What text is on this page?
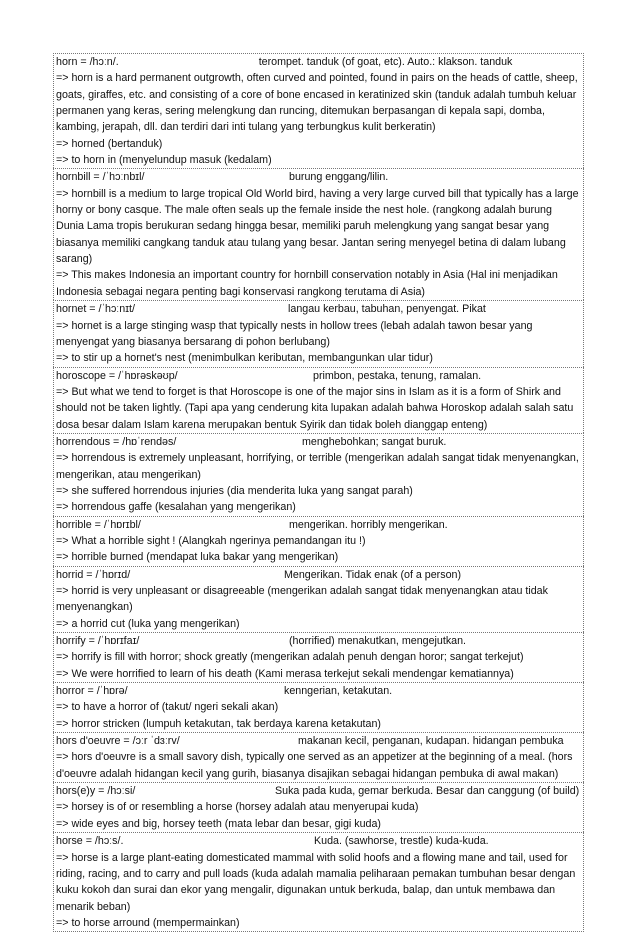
horn = /hɔːn/.	terompet. tanduk (of goat, etc). Auto.: klakson. tanduk
=> horn is a hard permanent outgrowth, often curved and pointed, found in pairs on the heads of cattle, sheep, goats, giraffes, etc. and consisting of a core of bone encased in keratinized skin (tanduk adalah tumbuh keluar permanen yang keras, sering melengkung dan runcing, ditemukan berpasangan di kepala sapi, domba, kambing, jerapah, dll. dan terdiri dari inti tulang yang terbungkus kulit berkeratin)
=> horned (bertanduk)
=> to horn in (menyelundup masuk (kedalam)
hornbill = /ˈhɔːnbɪl/	burung enggang/lilin.
=> hornbill is a medium to large tropical Old World bird, having a very large curved bill that typically has a large horny or bony casque. The male often seals up the female inside the nest hole. (rangkong adalah burung Dunia Lama tropis berukuran sedang hingga besar, memiliki paruh melengkung yang sangat besar yang biasanya memiliki cangkang tanduk atau tulang yang besar. Jantan sering menyegel betina di dalam lubang sarang)
=> This makes Indonesia an important country for hornbill conservation notably in Asia (Hal ini menjadikan Indonesia sebagai negara penting bagi konservasi rangkong terutama di Asia)
hornet = /ˈhɔːnɪt/	langau kerbau, tabuhan, penyengat. Pikat
=> hornet is a large stinging wasp that typically nests in hollow trees (lebah adalah tawon besar yang menyengat yang biasanya bersarang di pohon berlubang)
=> to stir up a hornet's nest (menimbulkan keributan, membangunkan ular tidur)
horoscope = /ˈhɒrəskəʊp/	primbon, pestaka, tenung, ramalan.
=> But what we tend to forget is that Horoscope is one of the major sins in Islam as it is a form of Shirk and should not be taken lightly. (Tapi apa yang cenderung kita lupakan adalah bahwa Horoskop adalah salah satu dosa besar dalam Islam karena merupakan bentuk Syirik dan tidak boleh dianggap enteng)
horrendous = /hɒˈrendəs/	menghebohkan; sangat buruk.
=> horrendous is extremely unpleasant, horrifying, or terrible (mengerikan adalah sangat tidak menyenangkan, mengerikan, atau mengerikan)
=> she suffered horrendous injuries (dia menderita luka yang sangat parah)
=> horrendous gaffe (kesalahan yang mengerikan)
horrible = /ˈhɒrɪbl/	mengerikan. horribly mengerikan.
=> What a horrible sight ! (Alangkah ngerinya pemandangan itu !)
=> horrible burned (mendapat luka bakar yang mengerikan)
horrid = /ˈhɒrɪd/	Mengerikan. Tidak enak (of a person)
=> horrid is very unpleasant or disagreeable (mengerikan adalah sangat tidak menyenangkan atau tidak menyenangkan)
=> a horrid cut (luka yang mengerikan)
horrify = /ˈhɒrɪfaɪ/	(horrified) menakutkan, mengejutkan.
=> horrify is fill with horror; shock greatly (mengerikan adalah penuh dengan horor; sangat terkejut)
=> We were horrified to learn of his death (Kami merasa terkejut sekali mendengar kematiannya)
horror = /ˈhɒrə/	kenngerian, ketakutan.
=> to have a horror of (takut/ ngeri sekali akan)
=> horror stricken (lumpuh ketakutan, tak berdaya karena ketakutan)
hors d'oeuvre = /ɔːr ˈdɜːrv/	makanan kecil, penganan, kudapan. hidangan pembuka
=> hors d'oeuvre is a small savory dish, typically one served as an appetizer at the beginning of a meal. (hors d'oeuvre adalah hidangan kecil yang gurih, biasanya disajikan sebagai hidangan pembuka di awal makan)
hors(e)y = /hɔːsi/	Suka pada kuda, gemar berkuda. Besar dan canggung (of build)
=> horsey is of or resembling a horse (horsey adalah atau menyerupai kuda)
=> wide eyes and big, horsey teeth (mata lebar dan besar, gigi kuda)
horse = /hɔːs/.	Kuda. (sawhorse, trestle) kuda-kuda.
=> horse is a large plant-eating domesticated mammal with solid hoofs and a flowing mane and tail, used for riding, racing, and to carry and pull loads (kuda adalah mamalia peliharaan pemakan tumbuhan besar dengan kuku kokoh dan surai dan ekor yang mengalir, digunakan untuk berkuda, balap, dan untuk membawa dan menarik beban)
=> to horse arround (mempermainkan)
